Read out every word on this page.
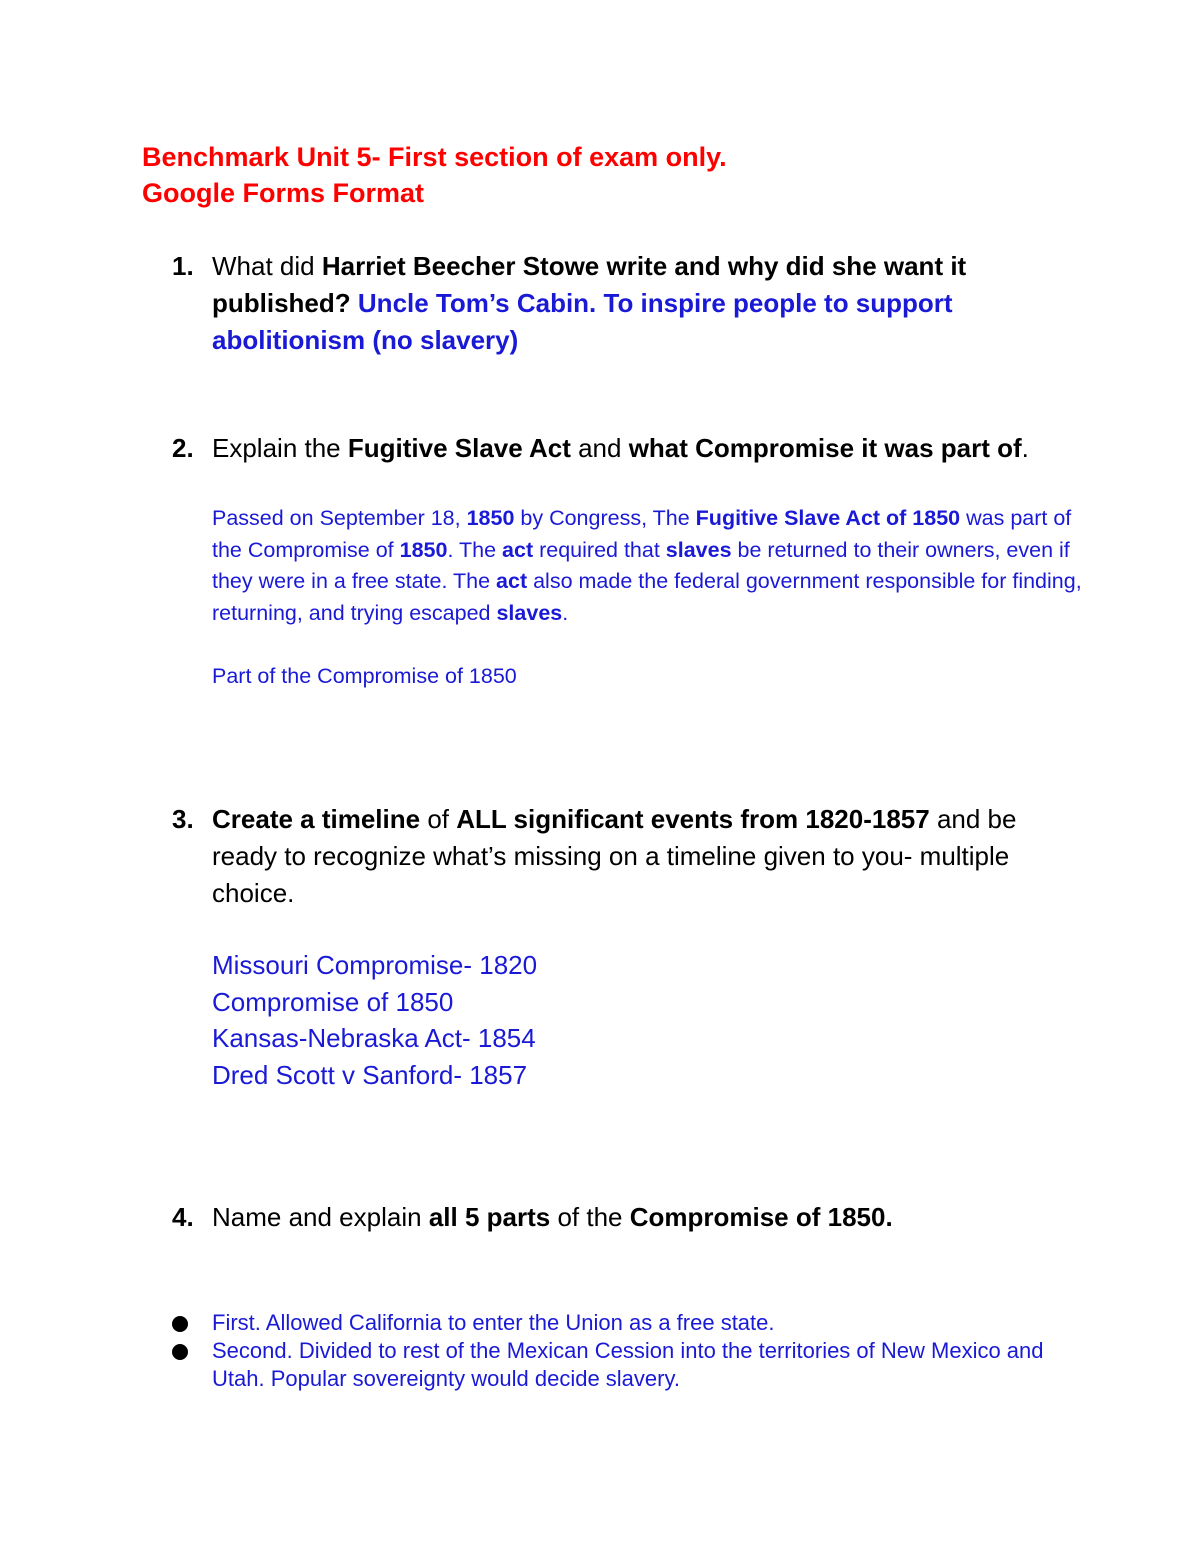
Benchmark Unit 5- First section of exam only.
Google Forms Format
1. What did Harriet Beecher Stowe write and why did she want it published? Uncle Tom’s Cabin. To inspire people to support abolitionism (no slavery)
2. Explain the Fugitive Slave Act and what Compromise it was part of.
Passed on September 18, 1850 by Congress, The Fugitive Slave Act of 1850 was part of the Compromise of 1850. The act required that slaves be returned to their owners, even if they were in a free state. The act also made the federal government responsible for finding, returning, and trying escaped slaves.
Part of the Compromise of 1850
3. Create a timeline of ALL significant events from 1820-1857 and be ready to recognize what’s missing on a timeline given to you- multiple choice.
Missouri Compromise- 1820
Compromise of 1850
Kansas-Nebraska Act- 1854
Dred Scott v Sanford- 1857
4. Name and explain all 5 parts of the Compromise of 1850.
First. Allowed California to enter the Union as a free state.
Second. Divided to rest of the Mexican Cession into the territories of New Mexico and Utah. Popular sovereignty would decide slavery.
